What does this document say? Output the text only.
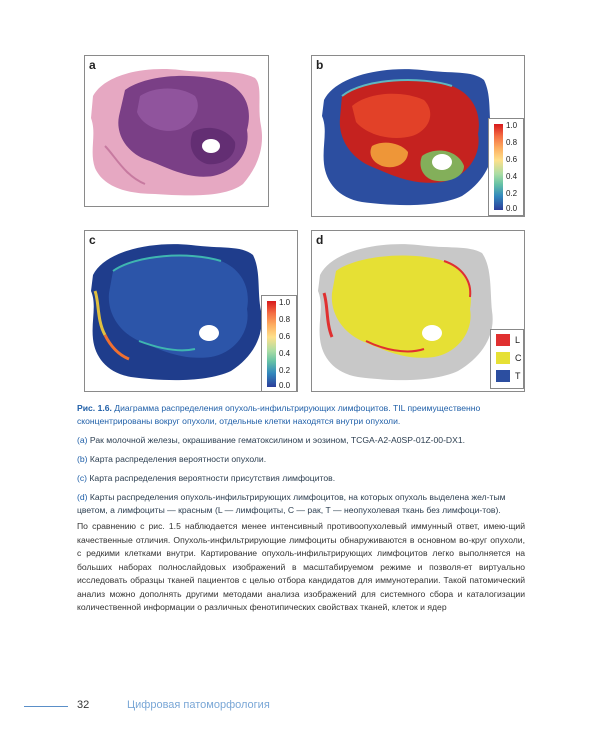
a	b
1.0
0.8
0.6
0.4
0.2
0.0
c
1.0
0.8
0.6
0.4
0.2
0.0
d
L
C
T
Рис. 1.6. Диаграмма распределения опухоль-инфильтрирующих лимфоцитов. TIL преимущественно сконцентрированы вокруг опухоли, отдельные клетки находятся внутри опухоли.
(a) Рак молочной железы, окрашивание гематоксилином и эозином, TCGA-A2-A0SP-01Z-00-DX1.
(b) Карта распределения вероятности опухоли.
(c) Карта распределения вероятности присутствия лимфоцитов.
(d) Карты распределения опухоль-инфильтрирующих лимфоцитов, на которых опухоль выделена жел-тым цветом, а лимфоциты — красным (L — лимфоциты, C — рак, T — неопухолевая ткань без лимфоци-тов).
По сравнению с рис. 1.5 наблюдается менее интенсивный противоопухолевый иммунный ответ, имею-щий качественные отличия. Опухоль-инфильтрирующие лимфоциты обнаруживаются в основном во-круг опухоли, с редкими клетками внутри. Картирование опухоль-инфильтрирующих лимфоцитов легко выполняется на больших наборах полнослайдовых изображений в масштабируемом режиме и позволя-ет виртуально исследовать образцы тканей пациентов с целью отбора кандидатов для иммунотерапии. Такой патомический анализ можно дополнять другими методами анализа изображений для системного сбора и каталогизации количественной информации о различных фенотипических свойствах тканей, клеток и ядер
32	Цифровая патоморфология
